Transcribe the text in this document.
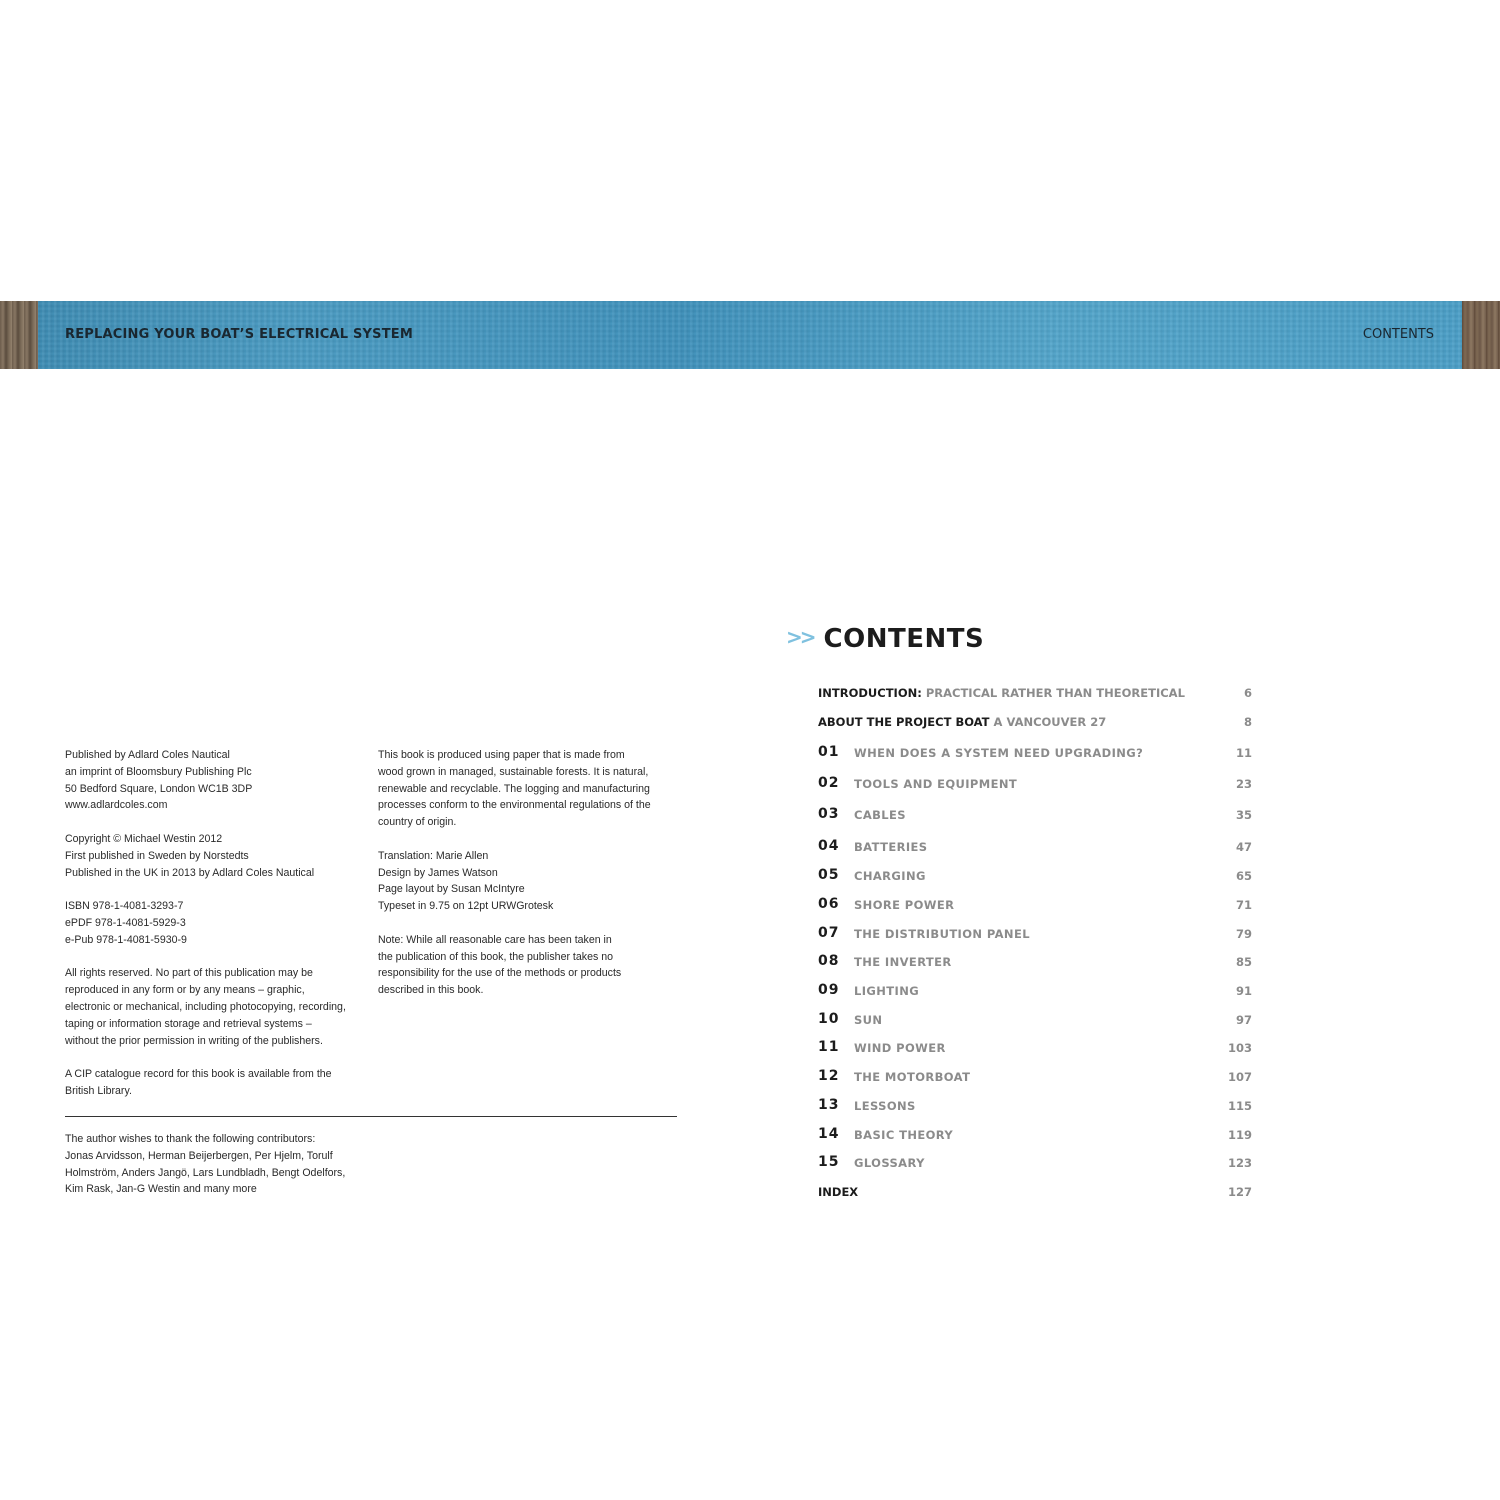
REPLACING YOUR BOAT’S ELECTRICAL SYSTEM	CONTENTS

Published by Adlard Coles Nautical
an imprint of Bloomsbury Publishing Plc
50 Bedford Square, London WC1B 3DP
www.adlardcoles.com

Copyright © Michael Westin 2012
First published in Sweden by Norstedts
Published in the UK in 2013 by Adlard Coles Nautical

ISBN 978-1-4081-3293-7
ePDF 978-1-4081-5929-3
e-Pub 978-1-4081-5930-9

All rights reserved. No part of this publication may be
reproduced in any form or by any means – graphic,
electronic or mechanical, including photocopying, recording,
taping or information storage and retrieval systems –
without the prior permission in writing of the publishers.

A CIP catalogue record for this book is available from the
British Library.

This book is produced using paper that is made from
wood grown in managed, sustainable forests. It is natural,
renewable and recyclable. The logging and manufacturing
processes conform to the environmental regulations of the
country of origin.

Translation: Marie Allen
Design by James Watson
Page layout by Susan McIntyre
Typeset in 9.75 on 12pt URWGrotesk

Note: While all reasonable care has been taken in
the publication of this book, the publisher takes no
responsibility for the use of the methods or products
described in this book.

The author wishes to thank the following contributors:
Jonas Arvidsson, Herman Beijerbergen, Per Hjelm, Torulf
Holmström, Anders Jangö, Lars Lundbladh, Bengt Odelfors,
Kim Rask, Jan-G Westin and many more
>> CONTENTS
INTRODUCTION: PRACTICAL RATHER THAN THEORETICAL	6
ABOUT THE PROJECT BOAT A VANCOUVER 27	8
01 WHEN DOES A SYSTEM NEED UPGRADING?	11
02 TOOLS AND EQUIPMENT	23
03 CABLES	35
04 BATTERIES	47
05 CHARGING	65
06 SHORE POWER	71
07 THE DISTRIBUTION PANEL	79
08 THE INVERTER	85
09 LIGHTING	91
10 SUN	97
11 WIND POWER	103
12 THE MOTORBOAT	107
13 LESSONS	115
14 BASIC THEORY	119
15 GLOSSARY	123
INDEX	127
